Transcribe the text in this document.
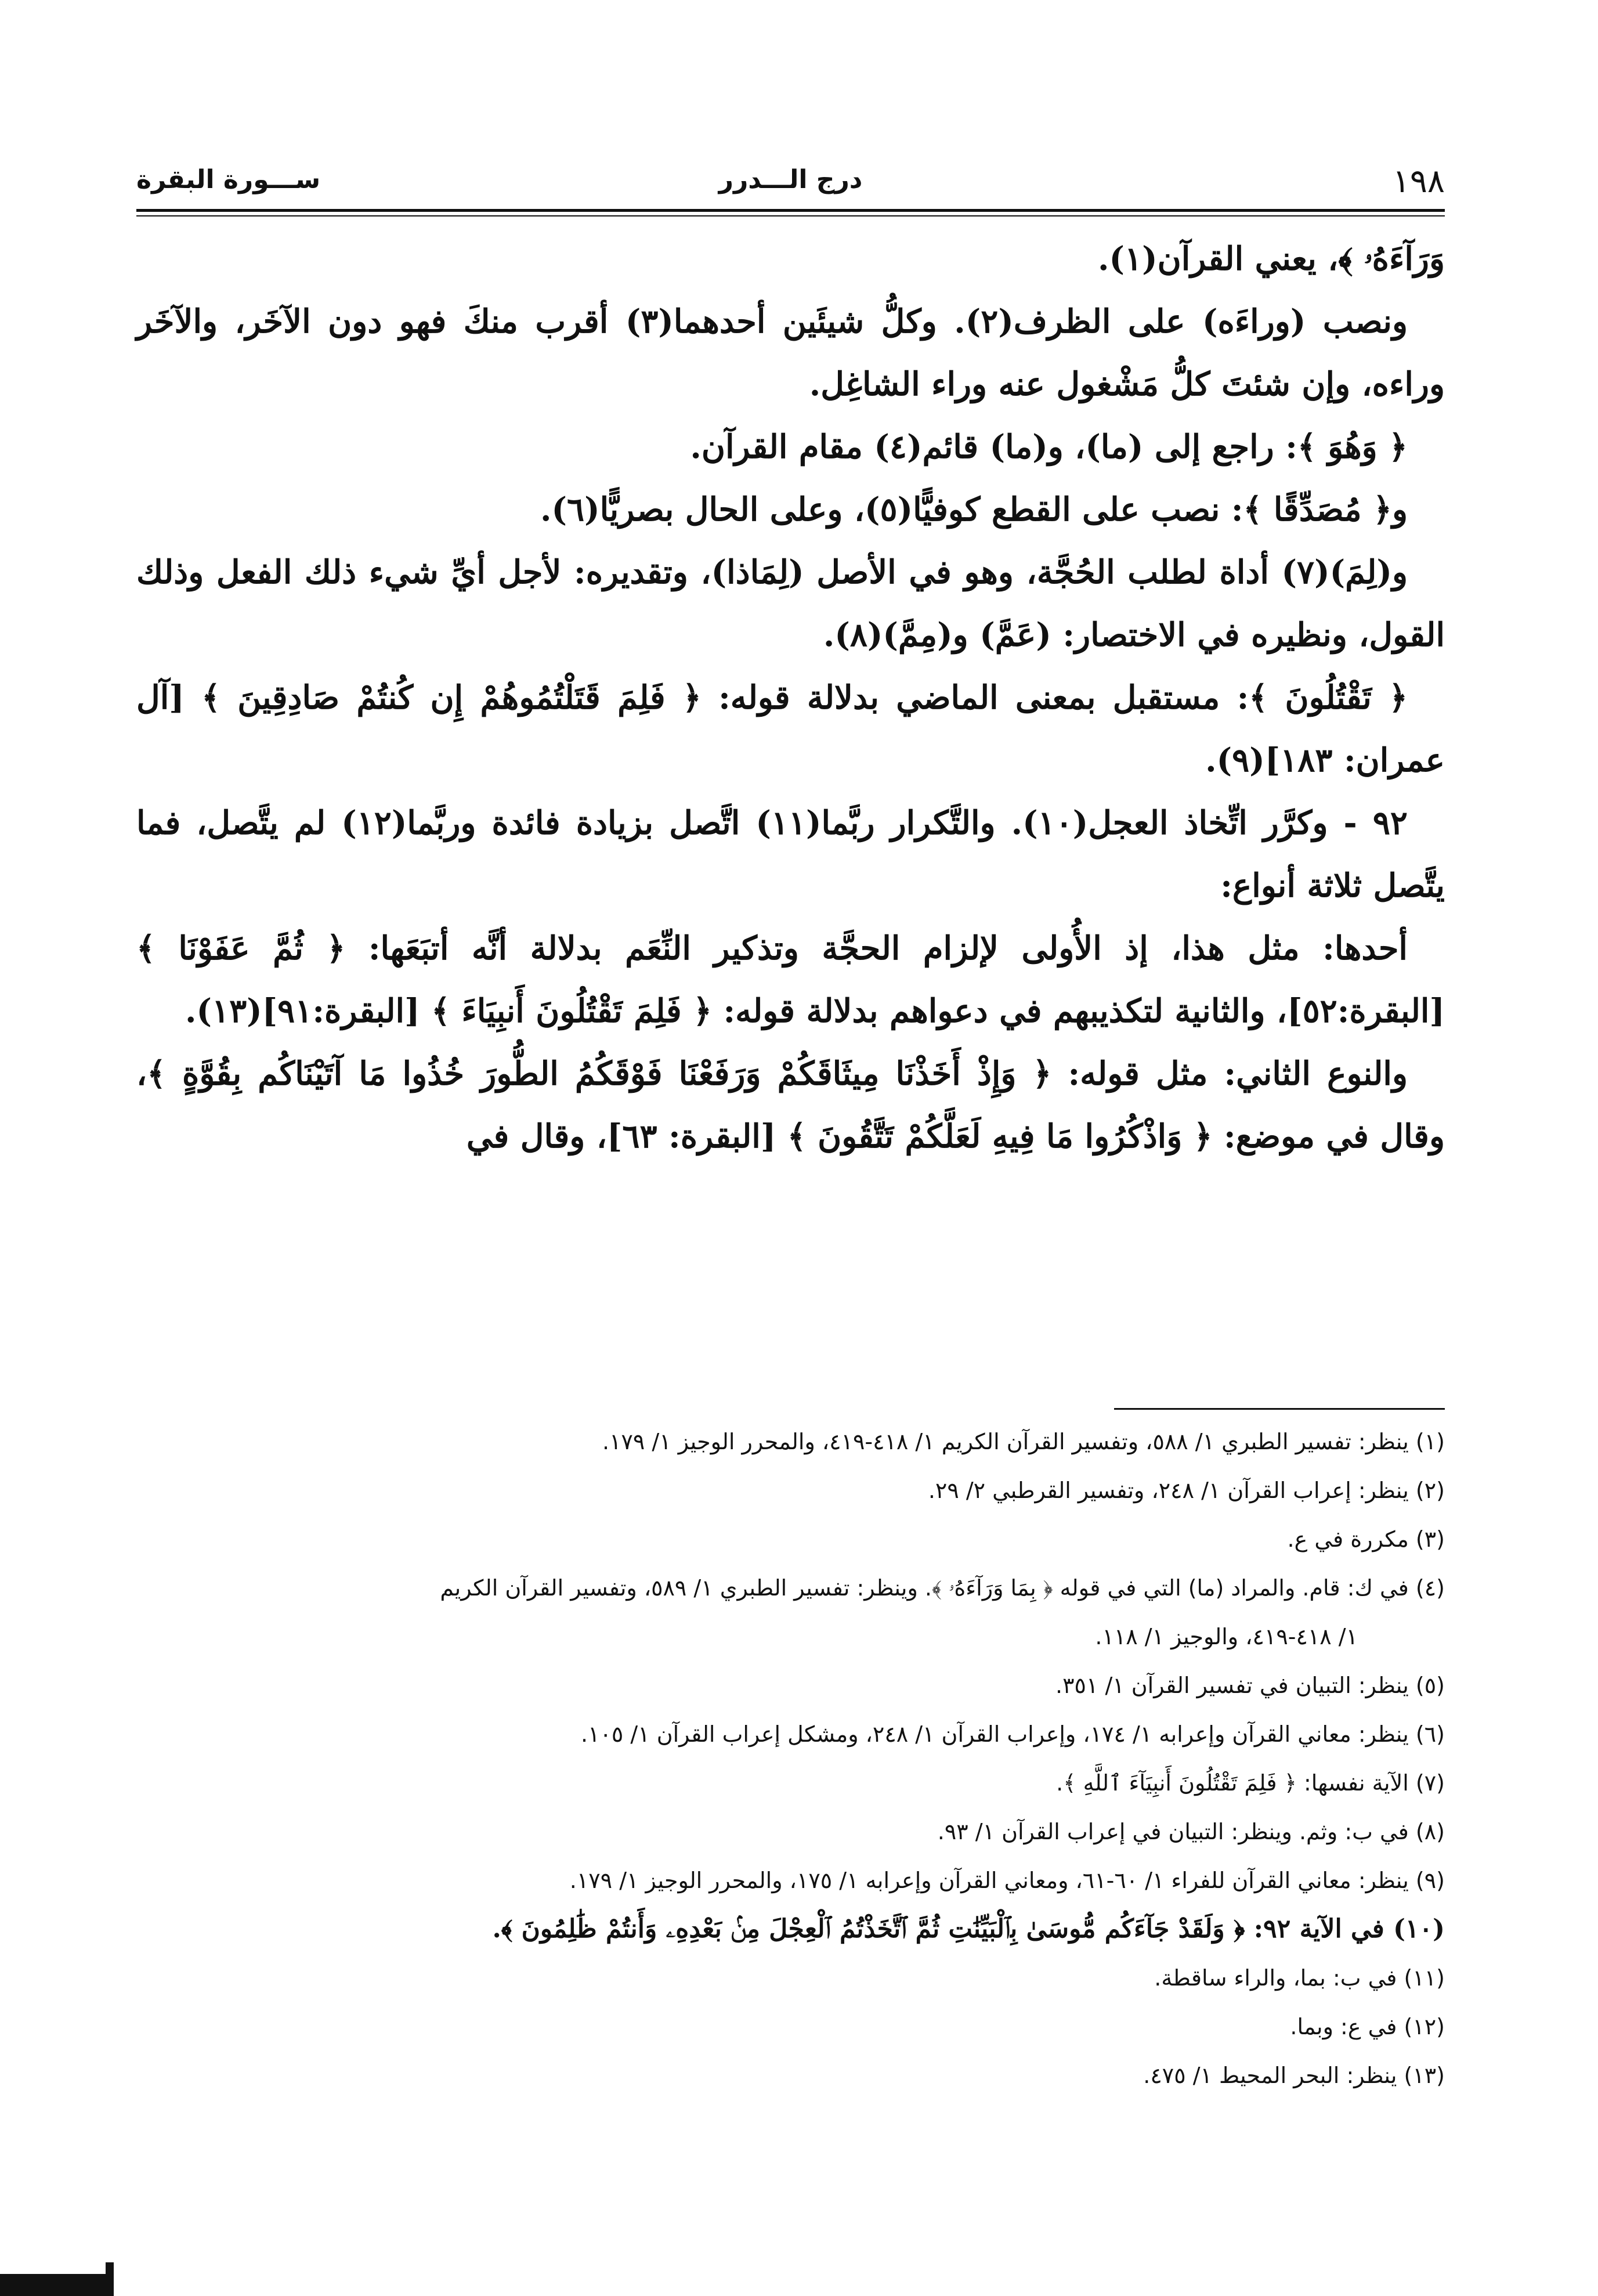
١٩٨
درج الـــدرر
ســـورة البقرة

وَرَآءَهُۥ ﴾، يعني القرآن(١).

ونصب (وراءَه) على الظرف(٢). وكلُّ شيئَين أحدهما(٣) أقرب منكَ فهو دون الآخَر، والآخَر وراءه، وإن شئتَ كلُّ مَشْغول عنه وراء الشاغِل.

﴿ وَهُوَ ﴾: راجع إلى (ما)، و(ما) قائم(٤) مقام القرآن.

و﴿ مُصَدِّقًا ﴾: نصب على القطع كوفيًّا(٥)، وعلى الحال بصريًّا(٦).

و(لِمَ)(٧) أداة لطلب الحُجَّة، وهو في الأصل (لِمَاذا)، وتقديره: لأجل أيِّ شيء ذلك الفعل وذلك القول، ونظيره في الاختصار: (عَمَّ) و(مِمَّ)(٨).

﴿ تَقْتُلُونَ ﴾: مستقبل بمعنى الماضي بدلالة قوله: ﴿ فَلِمَ قَتَلْتُمُوهُمْ إِن كُنتُمْ صَادِقِينَ ﴾ [آل عمران: ١٨٣](٩).

٩٢ - وكرَّر اتِّخاذ العجل(١٠). والتَّكرار ربَّما(١١) اتَّصل بزيادة فائدة وربَّما(١٢) لم يتَّصل، فما يتَّصل ثلاثة أنواع:

أحدها: مثل هذا، إذ الأُولى لإلزام الحجَّة وتذكير النِّعَم بدلالة أنَّه أتبَعَها: ﴿ ثُمَّ عَفَوْنَا ﴾ [البقرة:٥٢]، والثانية لتكذيبهم في دعواهم بدلالة قوله: ﴿ فَلِمَ تَقْتُلُونَ أَنبِيَاءَ ﴾ [البقرة:٩١](١٣).

والنوع الثاني: مثل قوله: ﴿ وَإِذْ أَخَذْنَا مِيثَاقَكُمْ وَرَفَعْنَا فَوْقَكُمُ الطُّورَ خُذُوا مَا آتَيْنَاكُم بِقُوَّةٍ ﴾، وقال في موضع: ﴿ وَاذْكُرُوا مَا فِيهِ لَعَلَّكُمْ تَتَّقُونَ ﴾ [البقرة: ٦٣]، وقال في

(١) ينظر: تفسير الطبري ١/ ٥٨٨، وتفسير القرآن الكريم ١/ ٤١٨-٤١٩، والمحرر الوجيز ١/ ١٧٩.

(٢) ينظر: إعراب القرآن ١/ ٢٤٨، وتفسير القرطبي ٢/ ٢٩.

(٣) مكررة في ع.

(٤) في ك: قام. والمراد (ما) التي في قوله ﴿ بِمَا وَرَآءَهُۥ ﴾. وينظر: تفسير الطبري ١/ ٥٨٩، وتفسير القرآن الكريم

١/ ٤١٨-٤١٩، والوجيز ١/ ١١٨.

(٥) ينظر: التبيان في تفسير القرآن ١/ ٣٥١.

(٦) ينظر: معاني القرآن وإعرابه ١/ ١٧٤، وإعراب القرآن ١/ ٢٤٨، ومشكل إعراب القرآن ١/ ١٠٥.

(٧) الآية نفسها: ﴿ فَلِمَ تَقْتُلُونَ أَنبِيَآءَ ٱللَّهِ ﴾.

(٨) في ب: وثم. وينظر: التبيان في إعراب القرآن ١/ ٩٣.

(٩) ينظر: معاني القرآن للفراء ١/ ٦٠-٦١، ومعاني القرآن وإعرابه ١/ ١٧٥، والمحرر الوجيز ١/ ١٧٩.

(١٠) في الآية ٩٢: ﴿ وَلَقَدْ جَآءَكُم مُّوسَىٰ بِٱلْبَيِّنَٰتِ ثُمَّ ٱتَّخَذْتُمُ ٱلْعِجْلَ مِنۢ بَعْدِهِۦ وَأَنتُمْ ظَٰلِمُونَ ﴾.

(١١) في ب: بما، والراء ساقطة.

(١٢) في ع: وبما.

(١٣) ينظر: البحر المحيط ١/ ٤٧٥.
